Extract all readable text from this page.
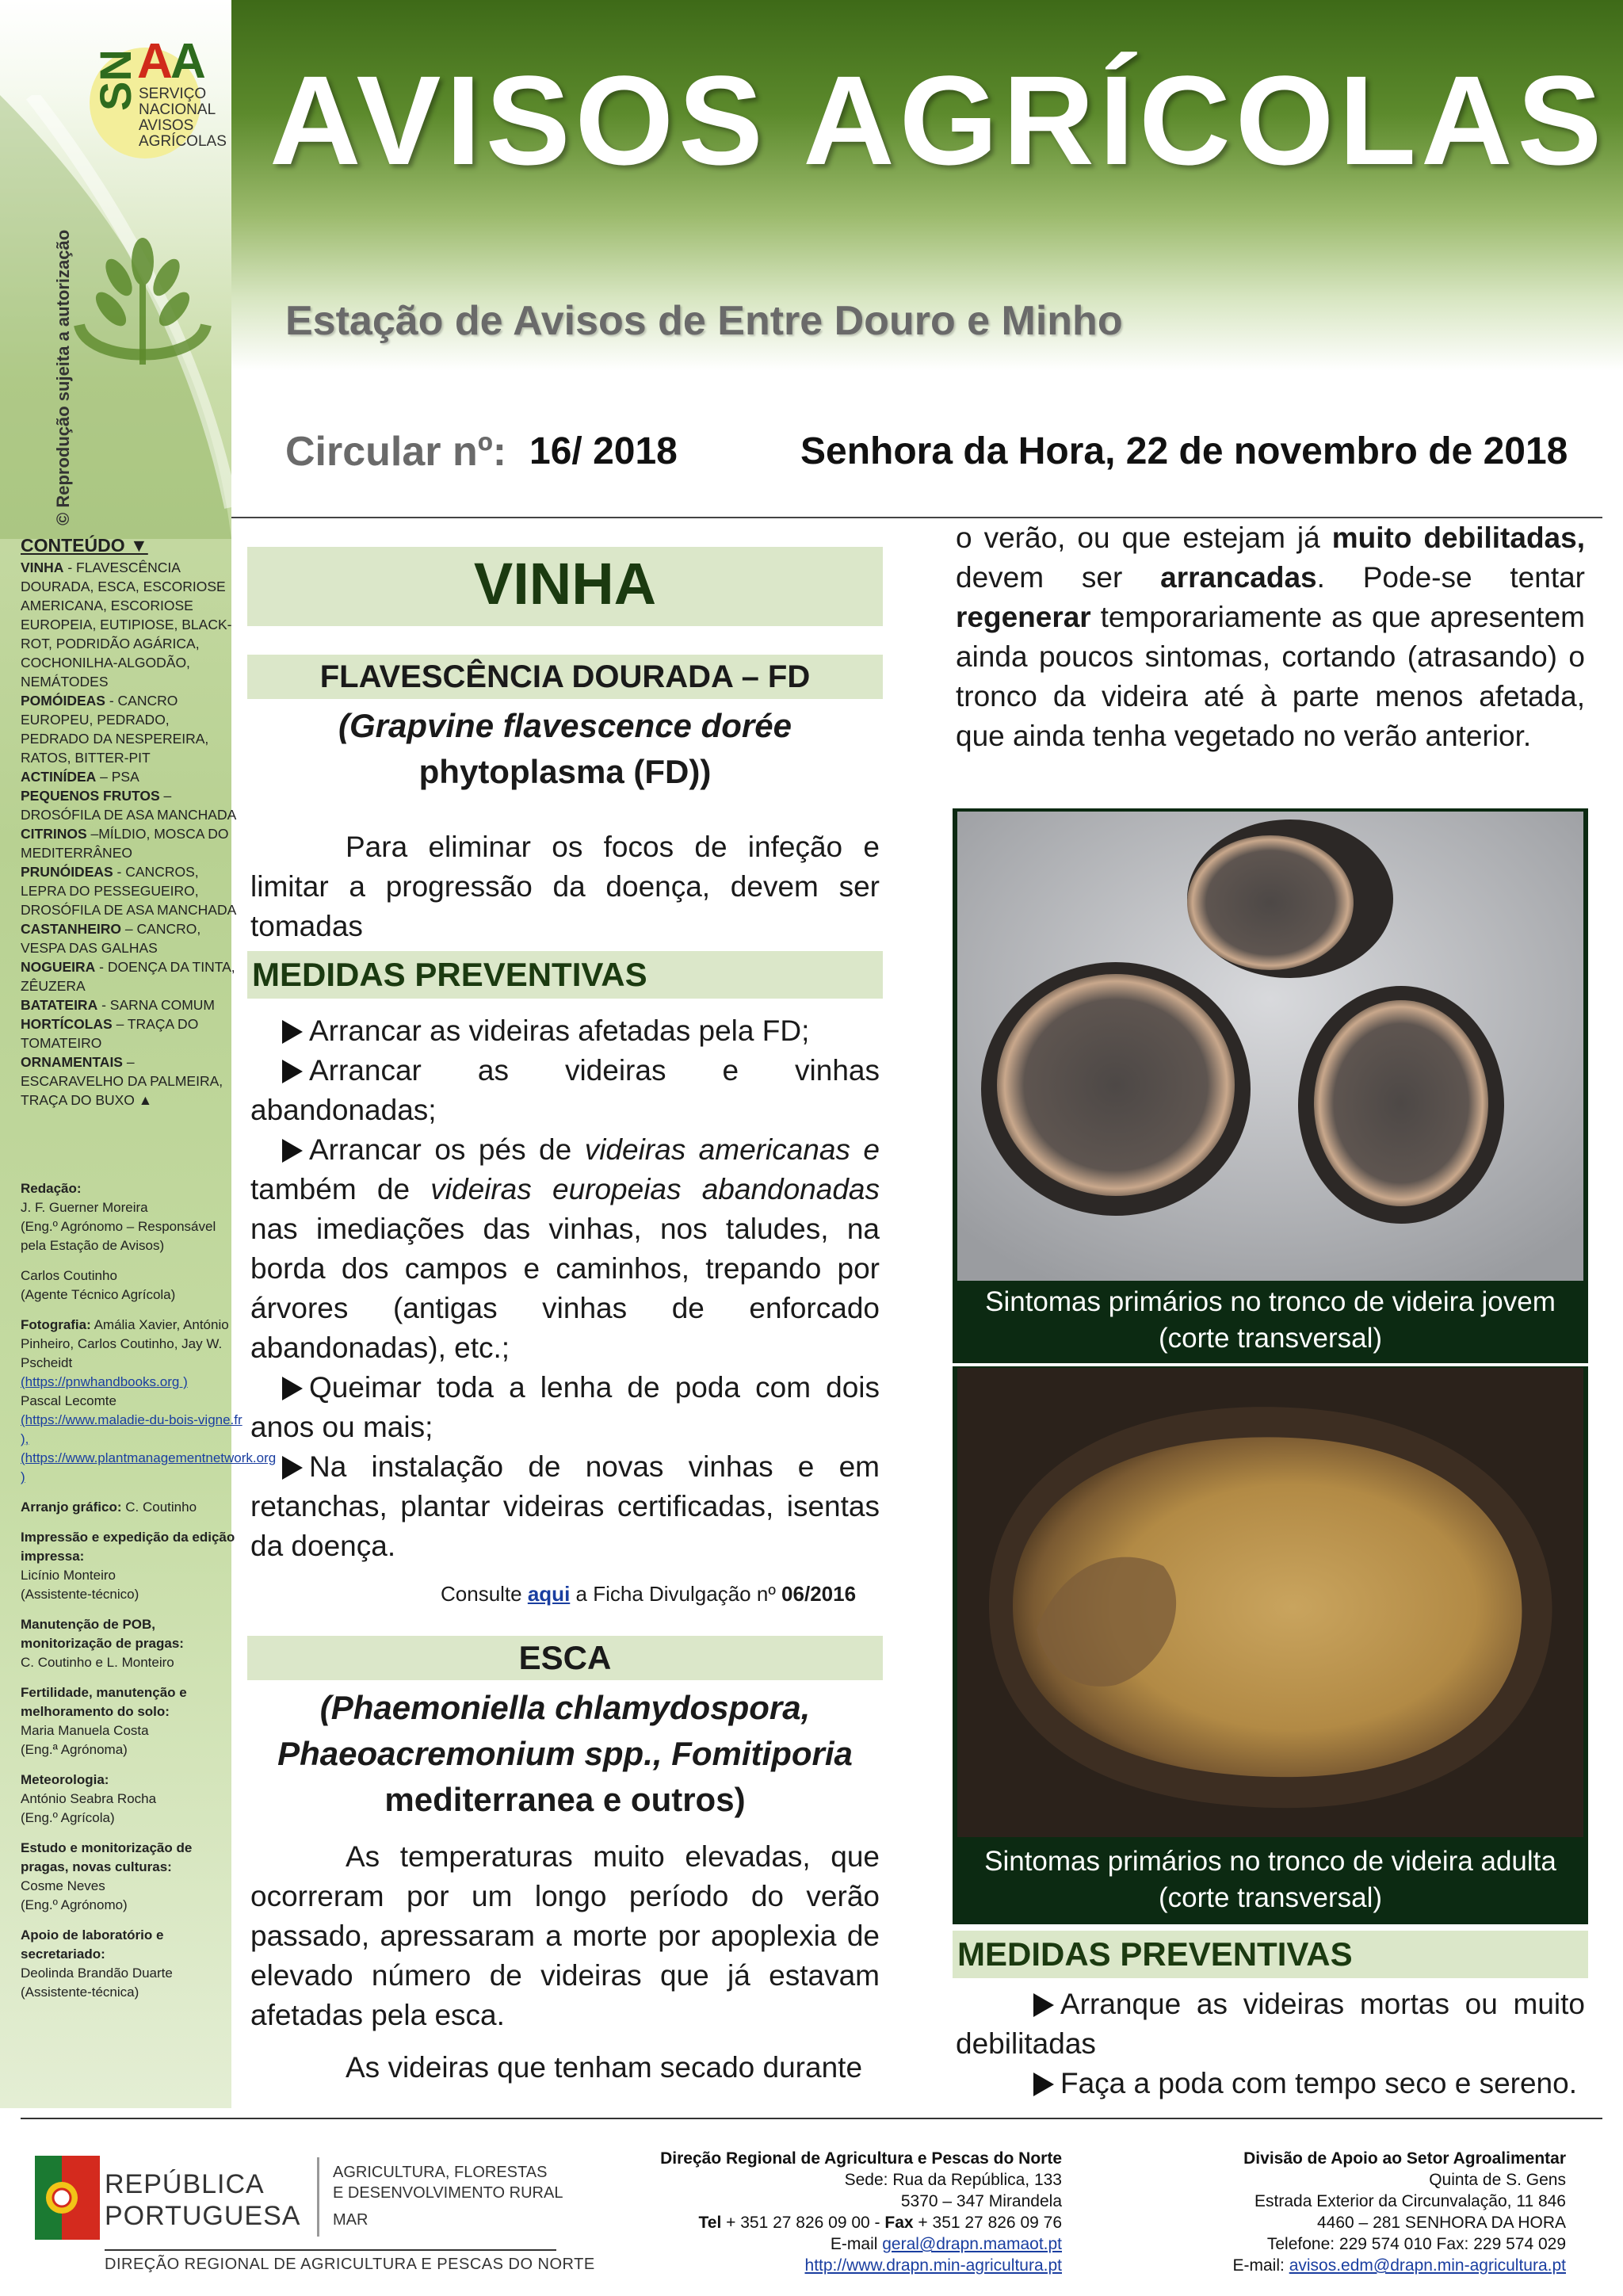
SN
A
A
SERVIÇO
NACIONAL
AVISOS
AGRÍCOLAS
© Reprodução sujeita a autorização
AVISOS AGRÍCOLAS
Estação de Avisos de Entre Douro e Minho
Circular nº: 16/ 2018	Senhora da Hora, 22 de novembro de 2018
CONTEÚDO ▼
VINHA - FLAVESCÊNCIA DOURADA, ESCA, ESCORIOSE AMERICANA, ESCORIOSE EUROPEIA, EUTIPIOSE, BLACK-ROT, PODRIDÃO AGÁRICA, COCHONILHA-ALGODÃO, NEMÁTODES
POMÓIDEAS - CANCRO EUROPEU, PEDRADO, PEDRADO DA NESPEREIRA, RATOS, BITTER-PIT
ACTINÍDEA – PSA
PEQUENOS FRUTOS – DROSÓFILA DE ASA MANCHADA
CITRINOS –MÍLDIO, MOSCA DO MEDITERRÂNEO
PRUNÓIDEAS - CANCROS, LEPRA DO PESSEGUEIRO, DROSÓFILA DE ASA MANCHADA
CASTANHEIRO – CANCRO, VESPA DAS GALHAS
NOGUEIRA - DOENÇA DA TINTA, ZÊUZERA
BATATEIRA - SARNA COMUM
HORTÍCOLAS – TRAÇA DO TOMATEIRO
ORNAMENTAIS – ESCARAVELHO DA PALMEIRA, TRAÇA DO BUXO ▲

Redação:
J. F. Guerner Moreira
(Eng.º Agrónomo – Responsável pela Estação de Avisos)
Carlos Coutinho
(Agente Técnico Agrícola)
Fotografia: Amália Xavier, António Pinheiro, Carlos Coutinho, Jay W. Pscheidt
(https://pnwhandbooks.org )
Pascal Lecomte
(https://www.maladie-du-bois-vigne.fr ),
(https://www.plantmanagementnetwork.org )
Arranjo gráfico: C. Coutinho
Impressão e expedição da edição impressa:
Licínio Monteiro
(Assistente-técnico)
Manutenção de POB, monitorização de pragas:
C. Coutinho e L. Monteiro
Fertilidade, manutenção e melhoramento do solo:
Maria Manuela Costa
(Eng.ª Agrónoma)
Meteorologia:
António Seabra Rocha
(Eng.º Agrícola)
Estudo e monitorização de pragas, novas culturas:
Cosme Neves
(Eng.º Agrónomo)
Apoio de laboratório e secretariado:
Deolinda Brandão Duarte
(Assistente-técnica)
VINHA
FLAVESCÊNCIA DOURADA – FD
(Grapvine flavescence dorée
phytoplasma (FD))
Para eliminar os focos de infeção e limitar a progressão da doença, devem ser tomadas
MEDIDAS PREVENTIVAS

Arrancar as videiras afetadas pela FD;

Arrancar as videiras e vinhas abandonadas;

Arrancar os pés de videiras americanas e também de videiras europeias abandonadas nas imediações das vinhas, nos taludes, na borda dos campos e caminhos, trepando por árvores (antigas vinhas de enforcado abandonadas), etc.;

Queimar toda a lenha de poda com dois anos ou mais;

Na instalação de novas vinhas e em retanchas, plantar videiras certificadas, isentas da doença.

Consulte aqui a Ficha Divulgação nº 06/2016
ESCA
(Phaemoniella chlamydospora,
Phaeoacremonium spp., Fomitiporia
mediterranea e outros)
As temperaturas muito elevadas, que ocorreram por um longo período do verão passado, apressaram a morte por apoplexia de elevado número de videiras que já estavam afetadas pela esca.
As videiras que tenham secado durante
o verão, ou que estejam já muito debilitadas, devem ser arrancadas. Pode-se tentar regenerar temporariamente as que apresentem ainda poucos sintomas, cortando (atrasando) o tronco da videira até à parte menos afetada, que ainda tenha vegetado no verão anterior.
Sintomas primários no tronco de videira jovem
(corte transversal)
Sintomas primários no tronco de videira adulta
(corte transversal)
MEDIDAS PREVENTIVAS

Arranque as videiras mortas ou muito debilitadas

Faça a poda com tempo seco e sereno.

REPÚBLICA
PORTUGUESA
AGRICULTURA, FLORESTAS
E DESENVOLVIMENTO RURAL
MAR
DIREÇÃO REGIONAL DE AGRICULTURA E PESCAS DO NORTE
Direção Regional de Agricultura e Pescas do Norte
Sede: Rua da República, 133
5370 – 347 Mirandela
Tel + 351 27 826 09 00 - Fax + 351 27 826 09 76
E-mail geral@drapn.mamaot.pt
http://www.drapn.min-agricultura.pt
Divisão de Apoio ao Setor Agroalimentar
Quinta de S. Gens
Estrada Exterior da Circunvalação, 11 846
4460 – 281 SENHORA DA HORA
Telefone: 229 574 010 Fax: 229 574 029
E-mail: avisos.edm@drapn.min-agricultura.pt
